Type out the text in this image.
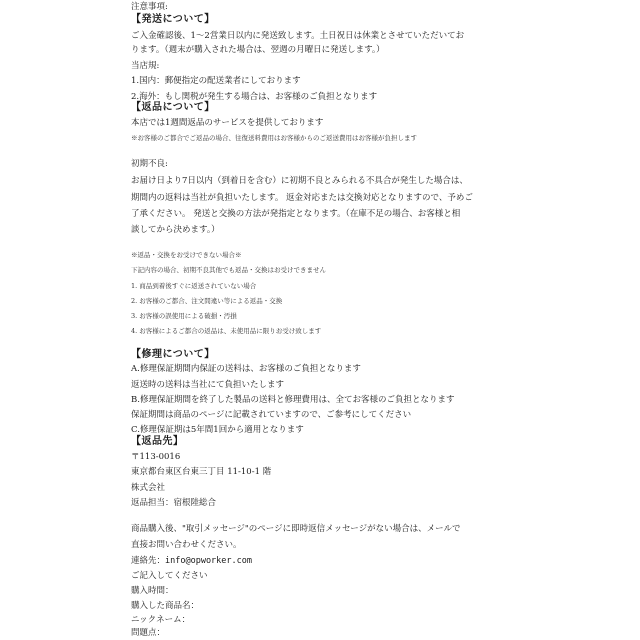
注意事項:
【発送について】
ご入金確認後、1～2営業日以内に発送致します。土日祝日は休業とさせていただいてお
ります。（週末が購入された場合は、翌週の月曜日に発送します。）
当店規:
1.国内：郵便指定の配送業者にしております
2.海外：もし関税が発生する場合は、お客様のご負担となります
【返品について】
本店では1週間返品のサービスを提供しております
※お客様のご都合でご返品の場合、往復送料費用はお客様からのご返送費用はお客様が負担します
初期不良:
お届け日より7日以内（到着日を含む）に初期不良とみられる不具合が発生した場合は、
期間内の返料は当社が負担いたします。 返金対応または交換対応となりますので、予めご
了承ください。 発送と交換の方法が発指定となります。（在庫不足の場合、お客様と相
談してから決めます。）
※返品・交換をお受けできない場合※
下記内容の場合、初期不良其他でも返品・交換はお受けできません
1. 商品到着後すぐに返送されていない場合
2. お客様のご都合、注文間違い等による返品・交換
3. お客様の誤使用による破損・汚損
4. お客様によるご都合の返品は、未使用品に限りお受け致します
【修理について】
A.修理保証期間内保証の送料は、お客様のご負担となります
返送時の送料は当社にて負担いたします
B.修理保証期間を終了した製品の送料と修理費用は、全てお客様のご負担となります
保証期間は商品のページに記載されていますので、ご参考にしてください
C.修理保証期は5年間1回から適用となります
【返品先】
〒113-0016
東京都台東区台東三丁目 11-10-1 階
株式会社
返品担当：宿根陸総合
商品購入後、"取引メッセージ"のページに即時返信メッセージがない場合は、メールで
直接お問い合わせください。
連絡先：info@opworker.com
ご記入してください
購入時間：
購入した商品名：
ニックネーム：
問題点：
